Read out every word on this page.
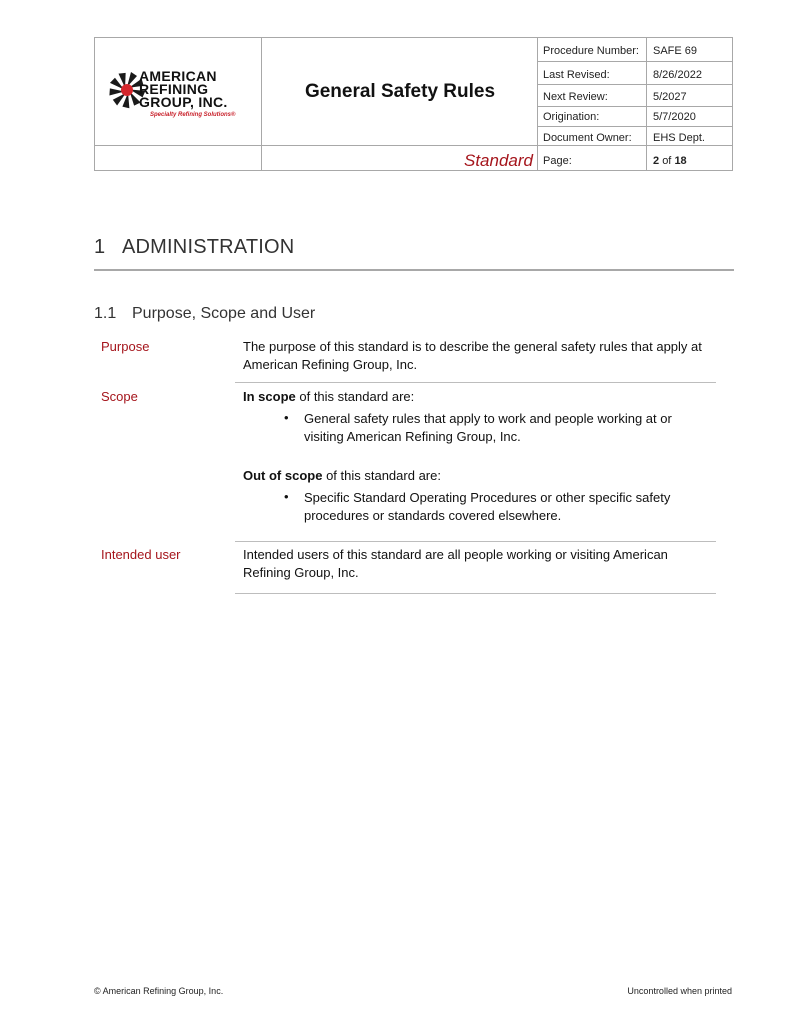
AMERICAN
REFINING
GROUP, INC.
Specialty Refining Solutions®
General Safety Rules
Standard
Procedure Number: SAFE 69
Last Revised:	8/26/2022
Next Review:	5/2027
Origination:	5/7/2020
Document Owner: EHS Dept.
Page:	2 of 18
1 ADMINISTRATION
1.1 Purpose, Scope and User
Purpose	The purpose of this standard is to describe the general safety rules that apply at American Refining Group, Inc.
Scope	In scope of this standard are:
• General safety rules that apply to work and people working at or visiting American Refining Group, Inc.
Out of scope of this standard are:
• Specific Standard Operating Procedures or other specific safety procedures or standards covered elsewhere.
Intended user	Intended users of this standard are all people working or visiting American Refining Group, Inc.
© American Refining Group, Inc.	Uncontrolled when printed
